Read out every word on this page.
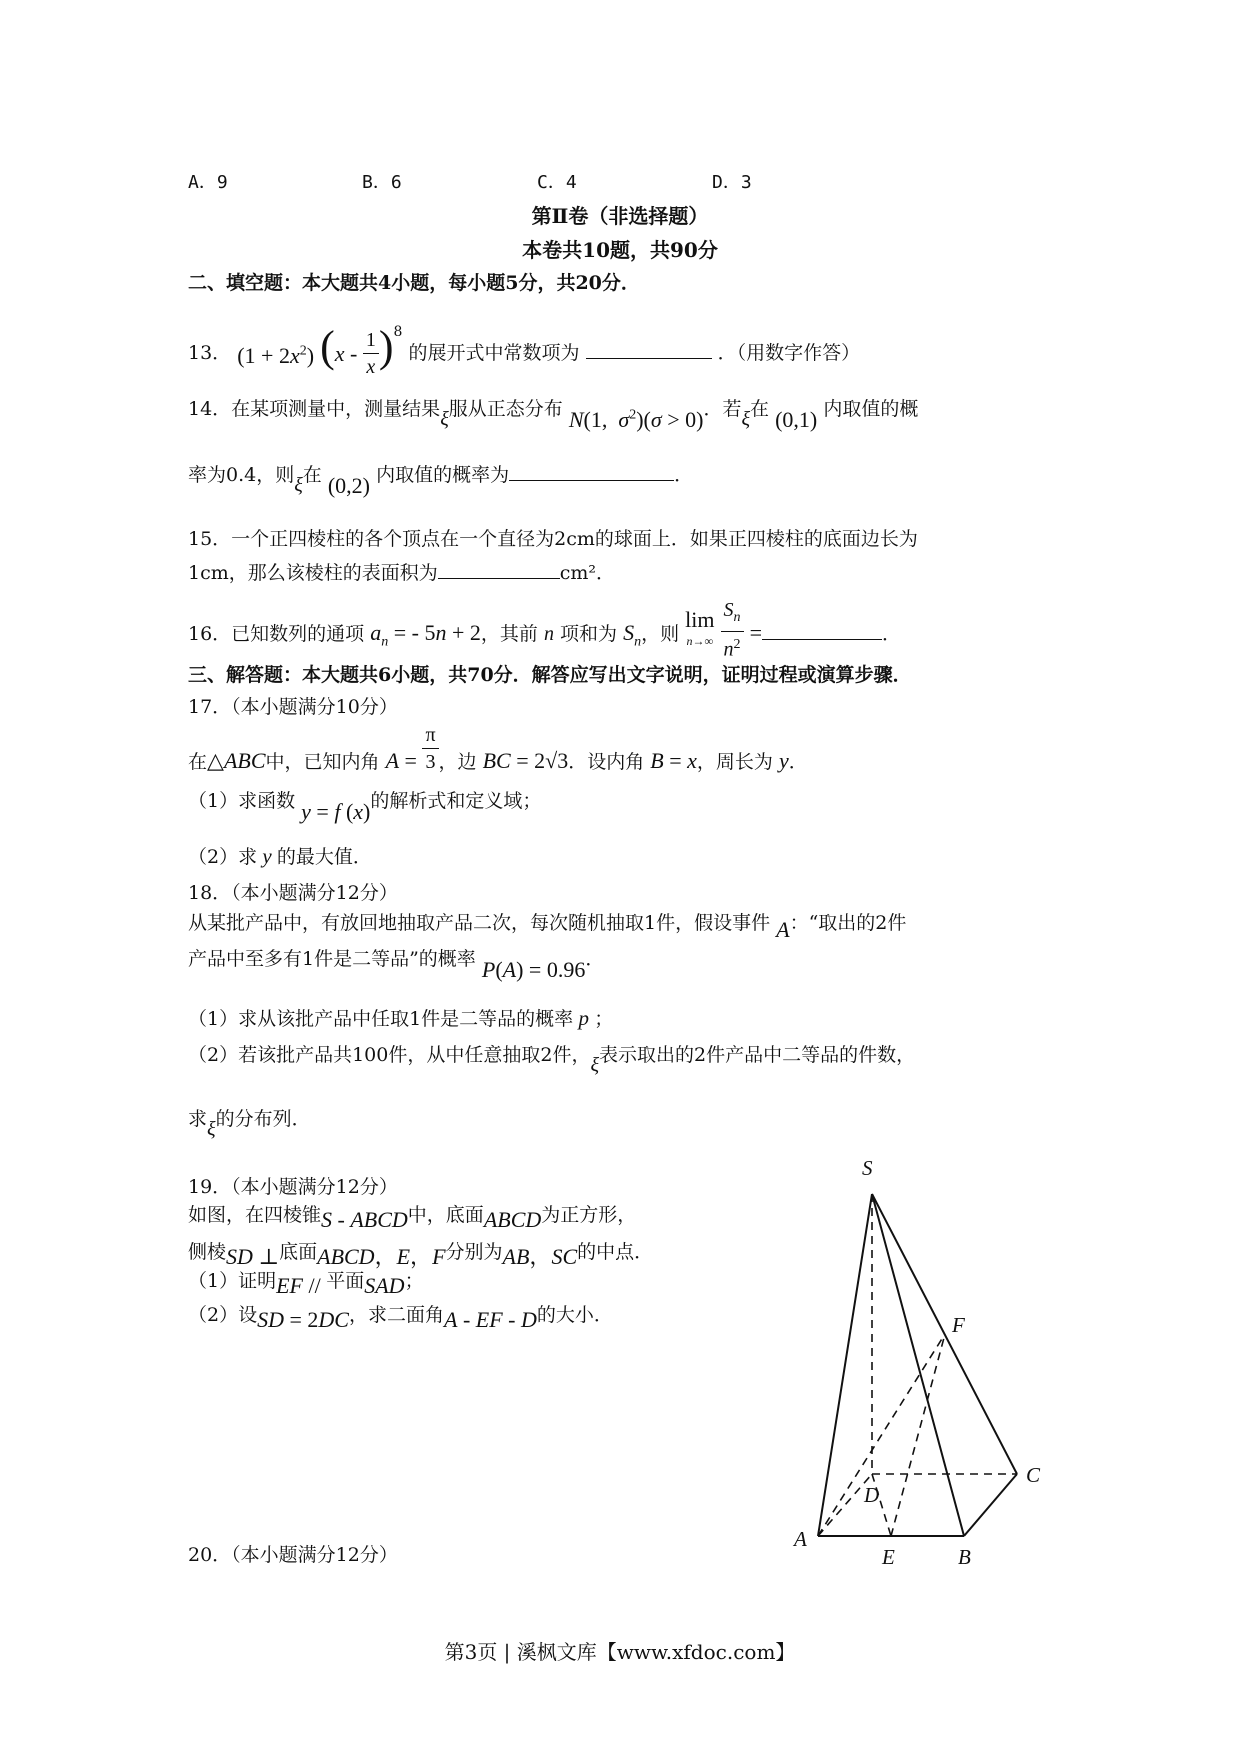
A．9	B．6	C．4	D．3
第Ⅱ卷（非选择题）
本卷共10题，共90分
二、填空题：本大题共4小题，每小题5分，共20分．
13． $(1 + 2x^2)$ $(x - \frac{1}{x} )^8$ 的展开式中常数项为	．（用数字作答）
14．在某项测量中，测量结果ξ服从正态分布 N(1,  $\sigma^2)(\sigma > 0)$．若ξ在 (0,1) 内取值的概
率为0.4，则ξ在 (0,2) 内取值的概率为	．
15．一个正四棱柱的各个顶点在一个直径为2cm的球面上．如果正四棱柱的底面边长为
1cm，那么该棱柱的表面积为	cm²．
16．已知数列的通项 $a_n$ = - 5n + 2，其前 n 项和为 $S_n$，则 lim
$n\to\infty \frac{S_n}{n^2}$ =	．
三、解答题：本大题共6小题，共70分．解答应写出文字说明，证明过程或演算步骤．
17．（本小题满分10分）
在△ABC中，已知内角 $A = \frac{\pi}{3}$ ，边 BC = 2√3．设内角 B = x，周长为 y．
（1）求函数 y = f (x)的解析式和定义域；
（2）求 y 的最大值．
18．（本小题满分12分）
从某批产品中，有放回地抽取产品二次，每次随机抽取1件，假设事件 A：“取出的2件
产品中至多有1件是二等品”的概率 P(A) = 0.96．
（1）求从该批产品中任取1件是二等品的概率 p ；
（2）若该批产品共100件，从中任意抽取2件，ξ表示取出的2件产品中二等品的件数，
求ξ的分布列．
19．（本小题满分12分）
如图，在四棱锥S - ABCD中，底面ABCD为正方形，
侧棱SD ⊥底面ABCD，E，F分别为AB，SC的中点．
（1）证明EF // 平面SAD；
（2）设SD = 2DC，求二面角A - EF - D的大小．
20．（本小题满分12分）
S
F
C
D
A
E	B
第3页 | 溪枫文库【www.xfdoc.com】
